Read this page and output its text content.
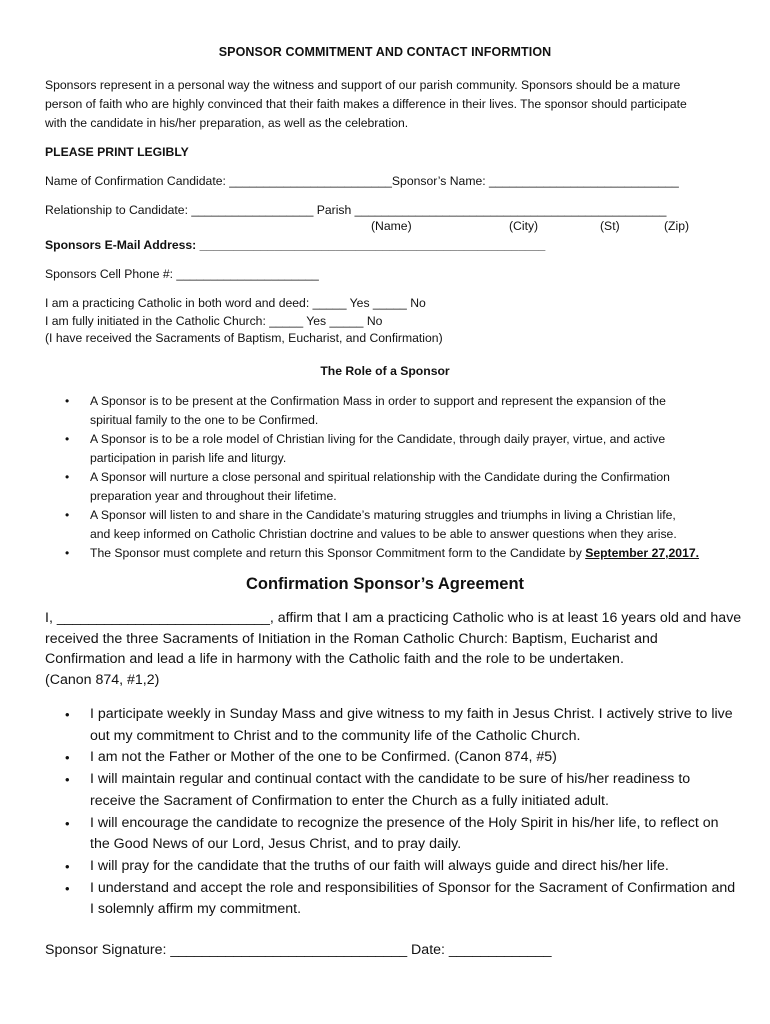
SPONSOR COMMITMENT AND CONTACT INFORMTION
Sponsors represent in a personal way the witness and support of our parish community. Sponsors should be a mature
person of faith who are highly convinced that their faith makes a difference in their lives. The sponsor should participate
with the candidate in his/her preparation, as well as the celebration.
PLEASE PRINT LEGIBLY
Name of Confirmation Candidate: ________________________Sponsor’s Name: ____________________________
Relationship to Candidate: __________________ Parish ______________________________________________
(Name)	(City)	(St)	(Zip)
Sponsors E-Mail Address: ___________________________________________________
Sponsors Cell Phone #: _____________________
I am a practicing Catholic in both word and deed: _____ Yes _____ No
I am fully initiated in the Catholic Church: _____ Yes _____ No
(I have received the Sacraments of Baptism, Eucharist, and Confirmation)
The Role of a Sponsor
• A Sponsor is to be present at the Confirmation Mass in order to support and represent the expansion of the
spiritual family to the one to be Confirmed.
• A Sponsor is to be a role model of Christian living for the Candidate, through daily prayer, virtue, and active
participation in parish life and liturgy.
• A Sponsor will nurture a close personal and spiritual relationship with the Candidate during the Confirmation
preparation year and throughout their lifetime.
• A Sponsor will listen to and share in the Candidate’s maturing struggles and triumphs in living a Christian life,
and keep informed on Catholic Christian doctrine and values to be able to answer questions when they arise.
• The Sponsor must complete and return this Sponsor Commitment form to the Candidate by September 27,2017.
Confirmation Sponsor’s Agreement
I, ___________________________, affirm that I am a practicing Catholic who is at least 16 years old and have
received the three Sacraments of Initiation in the Roman Catholic Church: Baptism, Eucharist and
Confirmation and lead a life in harmony with the Catholic faith and the role to be undertaken.
(Canon 874, #1,2)
• I participate weekly in Sunday Mass and give witness to my faith in Jesus Christ. I actively strive to live
out my commitment to Christ and to the community life of the Catholic Church.
• I am not the Father or Mother of the one to be Confirmed. (Canon 874, #5)
• I will maintain regular and continual contact with the candidate to be sure of his/her readiness to
receive the Sacrament of Confirmation to enter the Church as a fully initiated adult.
• I will encourage the candidate to recognize the presence of the Holy Spirit in his/her life, to reflect on
the Good News of our Lord, Jesus Christ, and to pray daily.
• I will pray for the candidate that the truths of our faith will always guide and direct his/her life.
• I understand and accept the role and responsibilities of Sponsor for the Sacrament of Confirmation and
I solemnly affirm my commitment.
Sponsor Signature: ______________________________ Date: _____________
